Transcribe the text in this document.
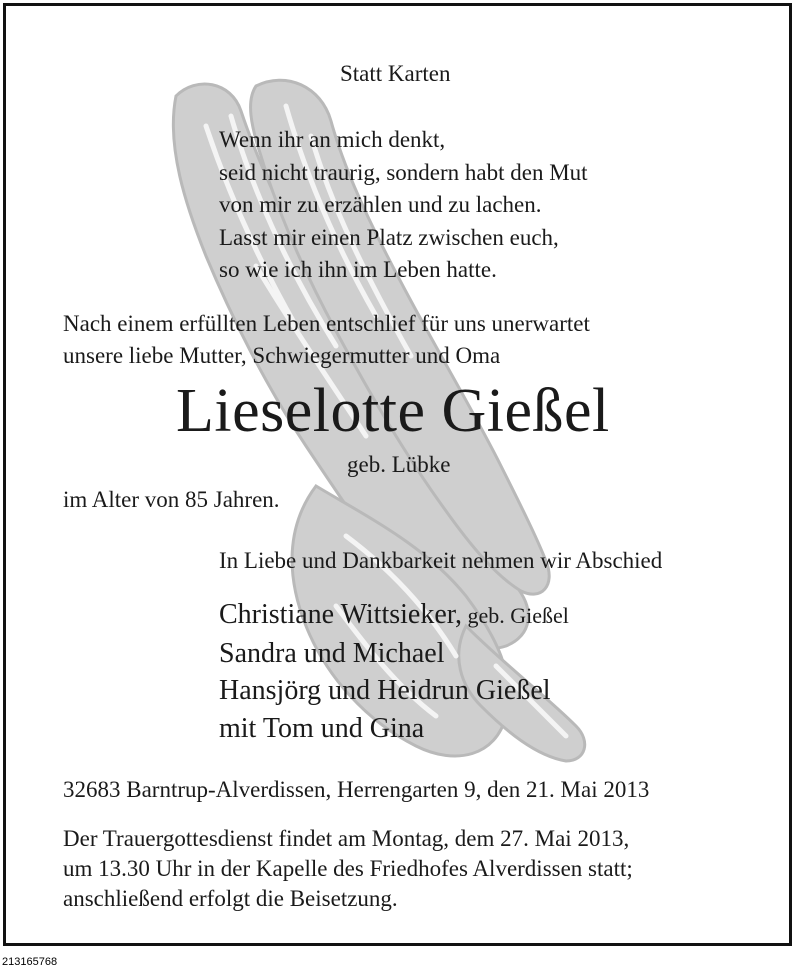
Statt Karten
Wenn ihr an mich denkt,
seid nicht traurig, sondern habt den Mut
von mir zu erzählen und zu lachen.
Lasst mir einen Platz zwischen euch,
so wie ich ihn im Leben hatte.
Nach einem erfüllten Leben entschlief für uns unerwartet
unsere liebe Mutter, Schwiegermutter und Oma
Lieselotte Gießel
geb. Lübke
im Alter von 85 Jahren.
In Liebe und Dankbarkeit nehmen wir Abschied
Christiane Wittsieker, geb. Gießel
Sandra und Michael
Hansjörg und Heidrun Gießel
mit Tom und Gina
32683 Barntrup-Alverdissen, Herrengarten 9, den 21. Mai 2013
Der Trauergottesdienst findet am Montag, dem 27. Mai 2013,
um 13.30 Uhr in der Kapelle des Friedhofes Alverdissen statt;
anschließend erfolgt die Beisetzung.
213165768
